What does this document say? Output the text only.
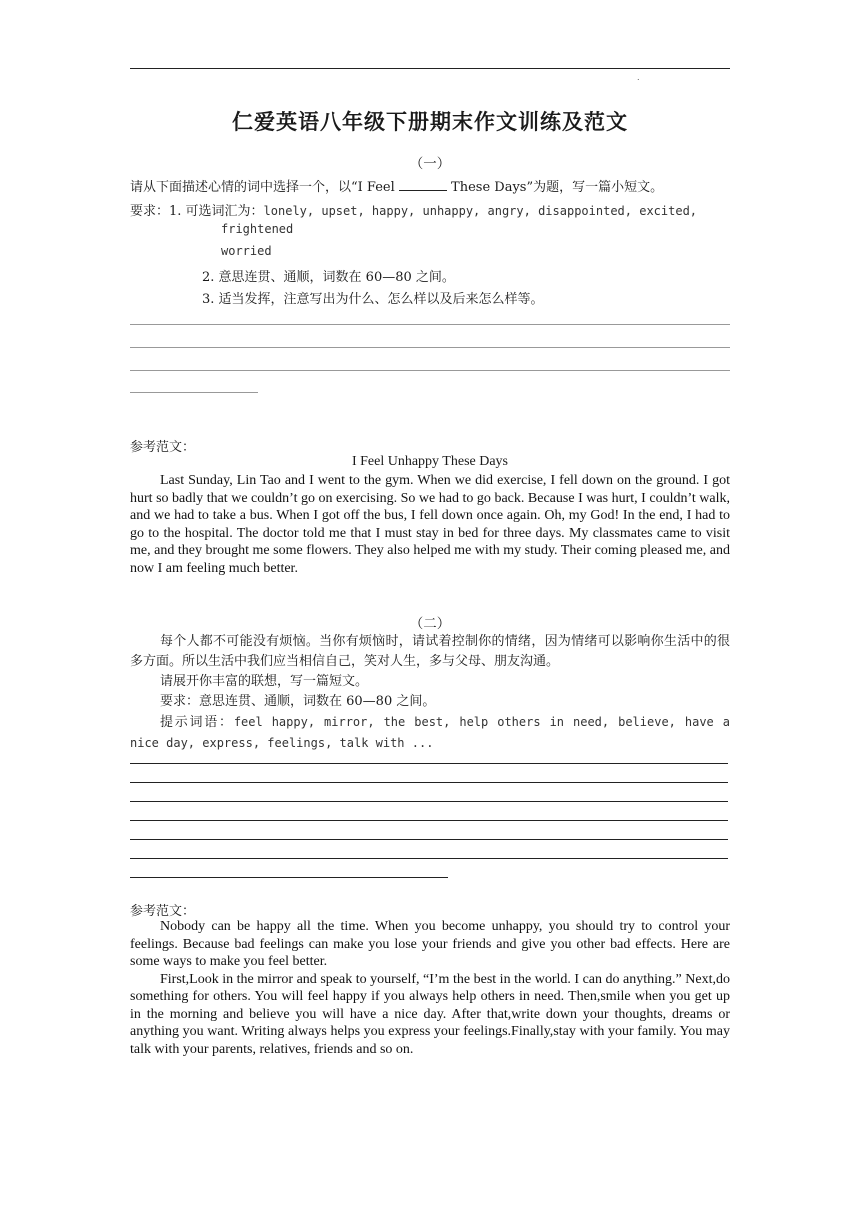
.
仁爱英语八年级下册期末作文训练及范文
（一）
请从下面描述心情的词中选择一个，以“I Feel	These Days”为题，写一篇小短文。
要求：1. 可选词汇为：lonely, upset, happy, unhappy, angry, disappointed, excited,
frightened
worried
2. 意思连贯、通顺，词数在 60—80 之间。
3. 适当发挥，注意写出为什么、怎么样以及后来怎么样等。
参考范文：
I Feel Unhappy These Days

Last Sunday, Lin Tao and I went to the gym. When we did exercise, I fell down on the ground. I got hurt so badly that we couldn’t go on exercising. So we had to go back. Because I was hurt, I couldn’t walk, and we had to take a bus. When I got off the bus, I fell down once again. Oh, my God! In the end, I had to go to the hospital. The doctor told me that I must stay in bed for three days. My classmates came to visit me, and they brought me some flowers. They also helped me with my study. Their coming pleased me, and now I am feeling much better.

（二）

每个人都不可能没有烦恼。当你有烦恼时，请试着控制你的情绪，因为情绪可以影响你生活中的很多方面。所以生活中我们应当相信自己，笑对人生，多与父母、朋友沟通。

请展开你丰富的联想，写一篇短文。

要求：意思连贯、通顺，词数在 60—80 之间。

提示词语：feel happy, mirror, the best, help others in need, believe, have a nice day, express, feelings, talk with ...

参考范文：

Nobody can be happy all the time. When you become unhappy, you should try to control your feelings. Because bad feelings can make you lose your friends and give you other bad effects. Here are some ways to make you feel better.

First,Look in the mirror and speak to yourself, “I’m the best in the world. I can do anything.” Next,do something for others. You will feel happy if you always help others in need. Then,smile when you get up in the morning and believe you will have a nice day. After that,write down your thoughts, dreams or anything you want. Writing always helps you express your feelings.Finally,stay with your family. You may talk with your parents, relatives, friends and so on.
